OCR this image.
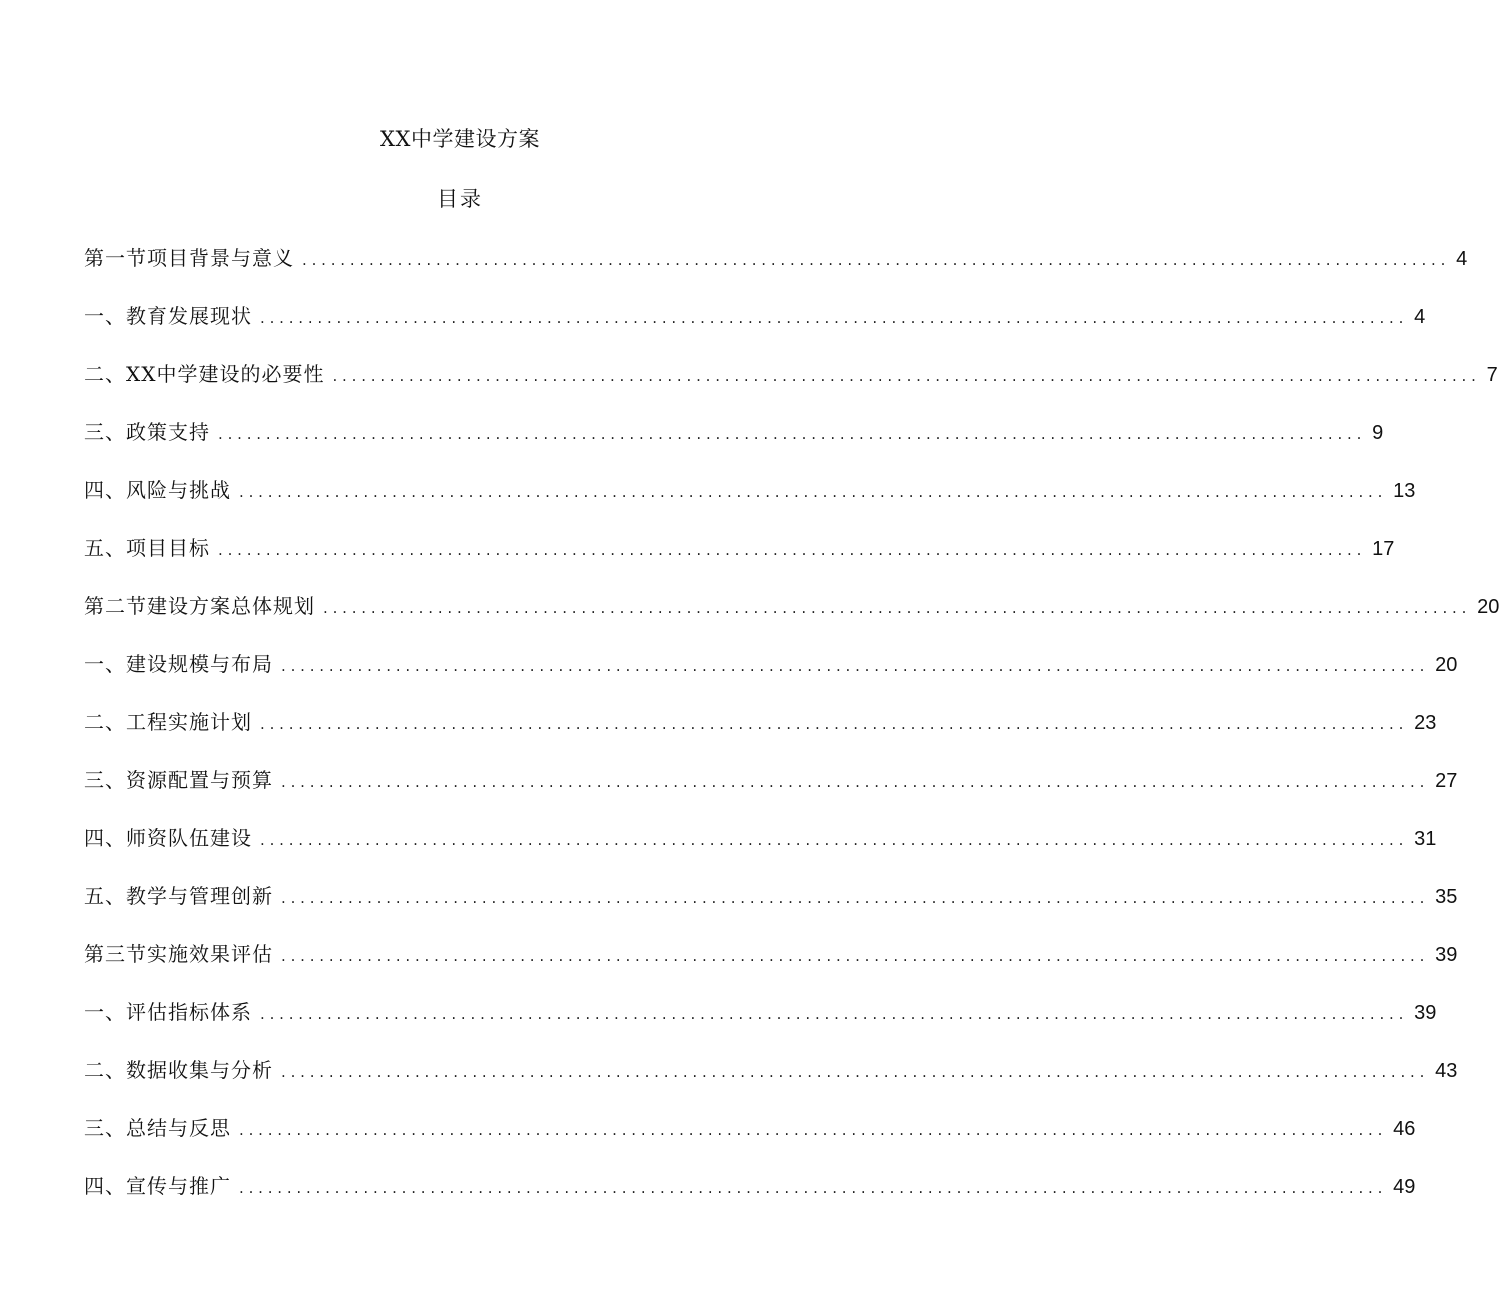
XX中学建设方案
目录
第一节项目背景与意义 ........................................................................................................................ 4
一、教育发展现状 ........................................................................................................................ 4
二、XX中学建设的必要性 ........................................................................................................................ 7
三、政策支持 ........................................................................................................................ 9
四、风险与挑战 ........................................................................................................................ 13
五、项目目标 ........................................................................................................................ 17
第二节建设方案总体规划 ........................................................................................................................ 20
一、建设规模与布局 ........................................................................................................................ 20
二、工程实施计划 ........................................................................................................................ 23
三、资源配置与预算 ........................................................................................................................ 27
四、师资队伍建设 ........................................................................................................................ 31
五、教学与管理创新 ........................................................................................................................ 35
第三节实施效果评估 ........................................................................................................................ 39
一、评估指标体系 ........................................................................................................................ 39
二、数据收集与分析 ........................................................................................................................ 43
三、总结与反思 ........................................................................................................................ 46
四、宣传与推广 ........................................................................................................................ 49
